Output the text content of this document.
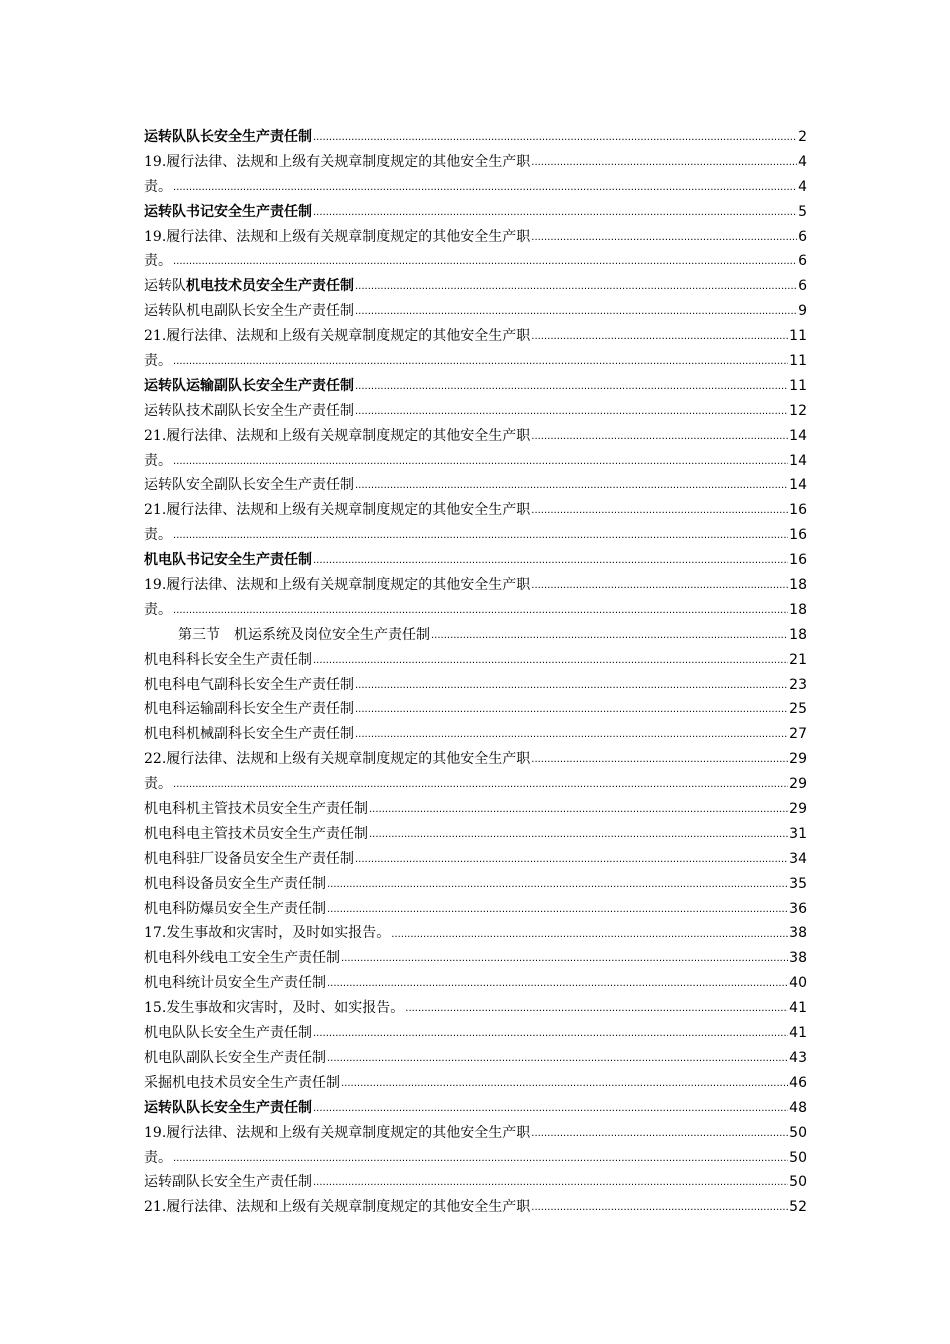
运转队队长安全生产责任制 .....	2
19.履行法律、法规和上级有关规章制度规定的其他安全生产职 .....	4
责。 .....	4
运转队书记安全生产责任制 .....	5
19.履行法律、法规和上级有关规章制度规定的其他安全生产职 .....	6
责。 .....	6
运转队机电技术员安全生产责任制 .....	6
运转队机电副队长安全生产责任制 .....	9
21.履行法律、法规和上级有关规章制度规定的其他安全生产职 .....	11
责。 .....	11
运转队运输副队长安全生产责任制 .....	11
运转队技术副队长安全生产责任制 .....	12
21.履行法律、法规和上级有关规章制度规定的其他安全生产职 .....	14
责。 .....	14
运转队安全副队长安全生产责任制 .....	14
21.履行法律、法规和上级有关规章制度规定的其他安全生产职 .....	16
责。 .....	16
机电队书记安全生产责任制 .....	16
19.履行法律、法规和上级有关规章制度规定的其他安全生产职 .....	18
责。 .....	18
第三节　机运系统及岗位安全生产责任制 .....	18
机电科科长安全生产责任制 .....	21
机电科电气副科长安全生产责任制 .....	23
机电科运输副科长安全生产责任制 .....	25
机电科机械副科长安全生产责任制 .....	27
22.履行法律、法规和上级有关规章制度规定的其他安全生产职 .....	29
责。 .....	29
机电科机主管技术员安全生产责任制 .....	29
机电科电主管技术员安全生产责任制 .....	31
机电科驻厂设备员安全生产责任制 .....	34
机电科设备员安全生产责任制 .....	35
机电科防爆员安全生产责任制 .....	36
17.发生事故和灾害时，及时如实报告。 .....	38
机电科外线电工安全生产责任制 .....	38
机电科统计员安全生产责任制 .....	40
15.发生事故和灾害时，及时、如实报告。 .....	41
机电队队长安全生产责任制 .....	41
机电队副队长安全生产责任制 .....	43
采掘机电技术员安全生产责任制 .....	46
运转队队长安全生产责任制 .....	48
19.履行法律、法规和上级有关规章制度规定的其他安全生产职 .....	50
责。 .....	50
运转副队长安全生产责任制 .....	50
21.履行法律、法规和上级有关规章制度规定的其他安全生产职 .....	52
